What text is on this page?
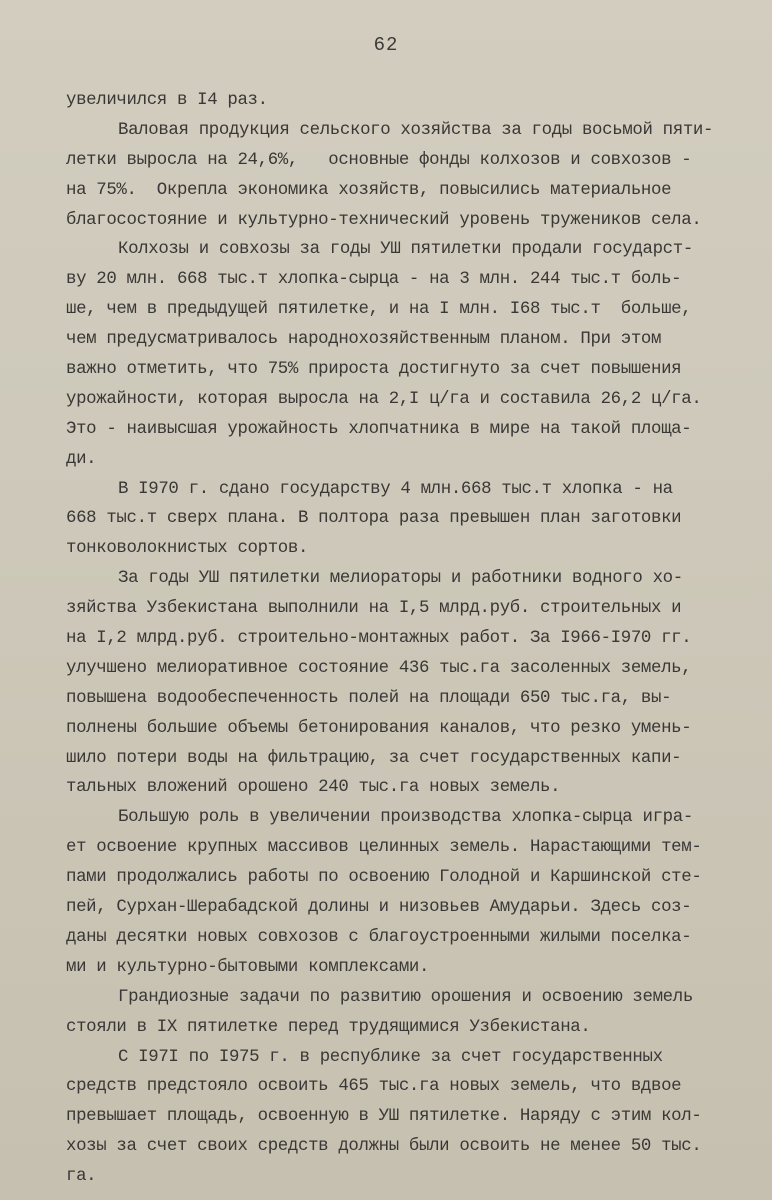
62
увеличился в I4 раз.
Валовая продукция сельского хозяйства за годы восьмой пяти-
летки выросла на 24,6%,   основные фонды колхозов и совхозов -
на 75%.  Окрепла экономика хозяйств, повысились материальное
благосостояние и культурно-технический уровень тружеников села.
Колхозы и совхозы за годы УШ пятилетки продали государст-
ву 20 млн. 668 тыс.т хлопка-сырца - на 3 млн. 244 тыс.т боль-
ше, чем в предыдущей пятилетке, и на I млн. I68 тыс.т  больше,
чем предусматривалось народнохозяйственным планом. При этом
важно отметить, что 75% прироста достигнуто за счет повышения
урожайности, которая выросла на 2,I ц/га и составила 26,2 ц/га.
Это - наивысшая урожайность хлопчатника в мире на такой площа-
ди.
В I970 г. сдано государству 4 млн.668 тыс.т хлопка - на
668 тыс.т сверх плана. В полтора раза превышен план заготовки
тонковолокнистых сортов.
За годы УШ пятилетки мелиораторы и работники водного хо-
зяйства Узбекистана выполнили на I,5 млрд.руб. строительных и
на I,2 млрд.руб. строительно-монтажных работ. За I966-I970 гг.
улучшено мелиоративное состояние 436 тыс.га засоленных земель,
повышена водообеспеченность полей на площади 650 тыс.га, вы-
полнены большие объемы бетонирования каналов, что резко умень-
шило потери воды на фильтрацию, за счет государственных капи-
тальных вложений орошено 240 тыс.га новых земель.
Большую роль в увеличении производства хлопка-сырца игра-
ет освоение крупных массивов целинных земель. Нарастающими тем-
пами продолжались работы по освоению Голодной и Каршинской сте-
пей, Сурхан-Шерабадской долины и низовьев Амударьи. Здесь соз-
даны десятки новых совхозов с благоустроенными жилыми поселка-
ми и культурно-бытовыми комплексами.
Грандиозные задачи по развитию орошения и освоению земель
стояли в IX пятилетке перед трудящимися Узбекистана.
С I97I по I975 г. в республике за счет государственных
средств предстояло освоить 465 тыс.га новых земель, что вдвое
превышает площадь, освоенную в УШ пятилетке. Наряду с этим кол-
хозы за счет своих средств должны были освоить не менее 50 тыс.
га.
